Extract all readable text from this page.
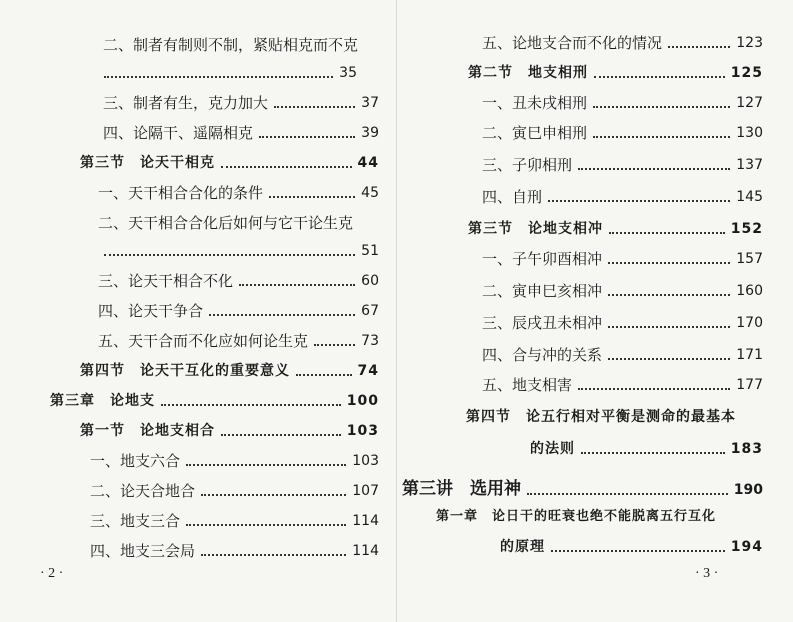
二、制者有制则不制，紧贴相克而不克
35
三、制者有生，克力加大	37
四、论隔干、遥隔相克	39
第三节　论天干相克	44
一、天干相合合化的条件	45
二、天干相合合化后如何与它干论生克
51
三、论天干相合不化	60
四、论天干争合	67
五、天干合而不化应如何论生克	73
第四节　论天干互化的重要意义	74
第三章　论地支	100
第一节　论地支相合	103
一、地支六合	103
二、论天合地合	107
三、地支三合	114
四、地支三会局	114
· 2 ·
五、论地支合而不化的情况	123
第二节　地支相刑	125
一、丑未戌相刑	127
二、寅巳申相刑	130
三、子卯相刑	137
四、自刑	145
第三节　论地支相冲	152
一、子午卯酉相冲	157
二、寅申巳亥相冲	160
三、辰戌丑未相冲	170
四、合与冲的关系	171
五、地支相害	177
第四节　论五行相对平衡是测命的最基本
的法则	183
第三讲　选用神	190
第一章　论日干的旺衰也绝不能脱离五行互化
的原理	194
· 3 ·
